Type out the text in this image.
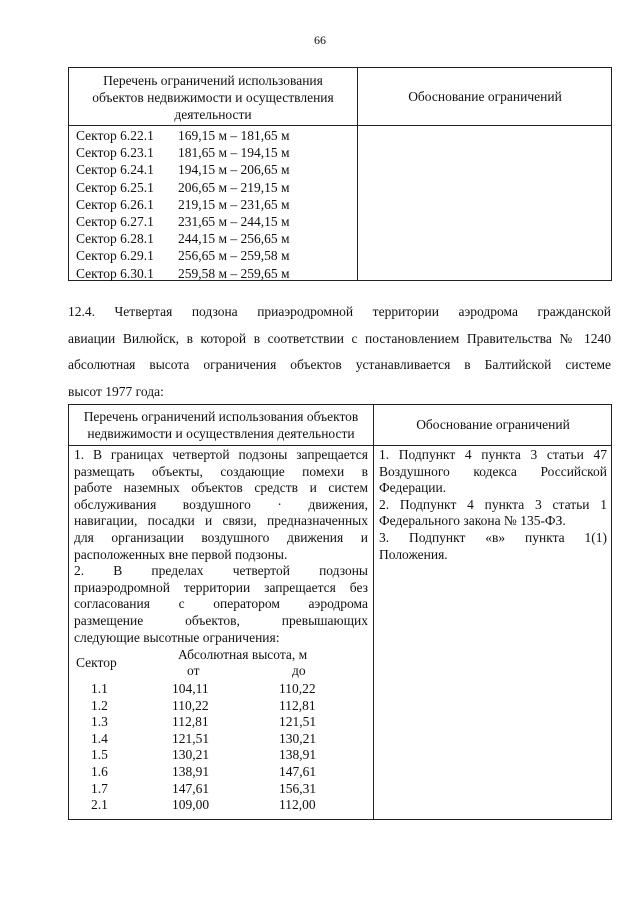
66
Перечень ограничений использования
объектов недвижимости и осуществления
деятельности
Обоснование ограничений
Сектор 6.22.1 169,15 м – 181,65 м
Сектор 6.23.1 181,65 м – 194,15 м
Сектор 6.24.1 194,15 м – 206,65 м
Сектор 6.25.1 206,65 м – 219,15 м
Сектор 6.26.1 219,15 м – 231,65 м
Сектор 6.27.1 231,65 м – 244,15 м
Сектор 6.28.1 244,15 м – 256,65 м
Сектор 6.29.1 256,65 м – 259,58 м
Сектор 6.30.1 259,58 м – 259,65 м
12.4. Четвертая подзона приаэродромной территории аэродрома гражданской
авиации Вилюйск, в которой в соответствии с постановлением Правительства № 1240
абсолютная высота ограничения объектов устанавливается в Балтийской системе
высот 1977 года:
Перечень ограничений использования объектов
недвижимости и осуществления деятельности
Обоснование ограничений
1. В границах четвертой подзоны запрещается
размещать объекты, создающие помехи в
работе наземных объектов средств и систем
обслуживания воздушного · движения,
навигации, посадки и связи, предназначенных
для организации воздушного движения и
расположенных вне первой подзоны.
2. В пределах четвертой подзоны
приаэродромной территории запрещается без
согласования с оператором аэродрома
размещение объектов, превышающих
следующие высотные ограничения:
1. Подпункт 4 пункта 3 статьи 47
Воздушного кодекса Российской
Федерации.
2. Подпункт 4 пункта 3 статьи 1
Федерального закона № 135-ФЗ.
3. Подпункт «в» пункта 1(1)
Положения.
Абсолютная высота, м
Сектор
от	до
1.1	104,11	110,22
1.2	110,22	112,81
1.3	112,81	121,51
1.4	121,51	130,21
1.5	130,21	138,91
1.6	138,91	147,61
1.7	147,61	156,31
2.1	109,00	112,00
